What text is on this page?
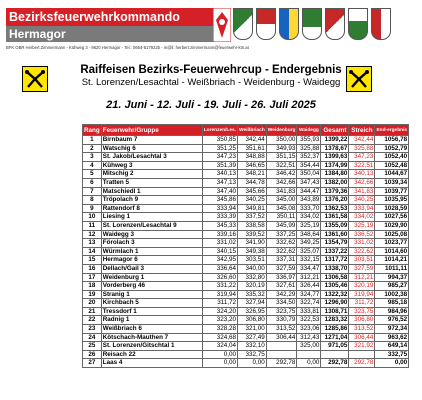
Bezirksfeuerwehrkommando
Hermagor
BFK OBR Herbert Zimmermann - Kühweg 3 - 9620 Hermagor - Tel.: 0664-5179225 - m@il: herbert.zimmermann@feuerwehr-ktn.at
Raiffeisen Bezirks-Feuerwehrcup - Endergebnis
St. Lorenzen/Lesachtal - Weißbriach - Weidenburg - Waidegg
21. Juni - 12. Juli - 19. Juli - 26. Juli 2025
Rang	Feuerwehr/Gruppe	Lorenzen/Les.	Weißbriach	Weidenburg	Waidegg	Gesamt	Streich	End-ergebnis
1	Birnbaum 7	350,85	342,44	350,00	355,93	1399,22	342,44	1056,78
2	Watschig 6	351,25	351,61	349,93	325,88	1378,67	325,88	1052,79
3	St. Jakob/Lesachtal 3	347,23	348,88	351,15	352,37	1399,63	347,23	1052,40
4	Kühweg 3	351,39	346,65	322,51	354,44	1374,99	322,51	1052,48
5	Mitschig 2	340,13	348,21	346,42	350,04	1384,80	340,13	1044,67
6	Tratten 5	347,13	344,78	342,66	347,43	1382,00	342,66	1039,34
7	Matschiedl 1	347,40	345,66	341,83	344,47	1379,36	341,83	1039,77
8	Tröpolach 9	345,86	340,25	345,00	343,89	1376,20	340,25	1035,95
9	Rattendorf 8	333,94	349,81	345,08	333,70	1362,53	333,94	1028,59
10	Liesing 1	333,39	337,52	350,11	334,02	1361,58	334,02	1027,56
11	St. Lorenzen/Lesachtal 9	345,33	338,58	345,99	325,19	1355,09	325,19	1029,90
12	Waidegg 3	339,16	339,52	337,25	348,64	1361,60	336,52	1025,08
13	Förolach 3	331,02	341,90	332,62	349,25	1354,79	331,02	1023,77
14	Würmlach 1	340,15	349,38	322,62	325,07	1337,22	322,62	1014,60
15	Hermagor 6	342,95	303,51	337,31	332,15	1317,72	303,51	1014,21
16	Dellach/Gail 3	336,64	340,00	327,59	334,47	1338,70	327,59	1011,11
17	Weidenburg 1	326,60	332,80	336,97	312,21	1306,58	312,21	994,37
18	Vorderberg 46	331,22	320,19	327,61	326,44	1305,46	320,19	985,27
19	Stranig 1	319,94	335,32	342,29	324,77	1322,32	319,94	1002,38
20	Kirchbach 5	311,72	327,94	334,50	322,74	1296,90	311,72	985,18
21	Tressdorf 1	324,20	326,95	323,75	333,81	1308,71	323,75	984,96
22	Radnig 1	323,20	306,80	330,79	322,53	1283,32	306,80	976,52
23	Weißbriach 6	328,28	321,00	313,52	323,06	1285,86	313,52	972,34
24	Kötschach-Mauthen 7	324,68	327,49	306,44	312,43	1271,04	306,44	963,62
25	St. Lorenzen/Gitschtal 1	324,04	332,10		325,00	971,05	321,92	649,14
26	Reisach 22	0,00	332,75					332,75
27	Laas 4	0,00	0,00	292,78	0,00	292,78	292,78	0,00
